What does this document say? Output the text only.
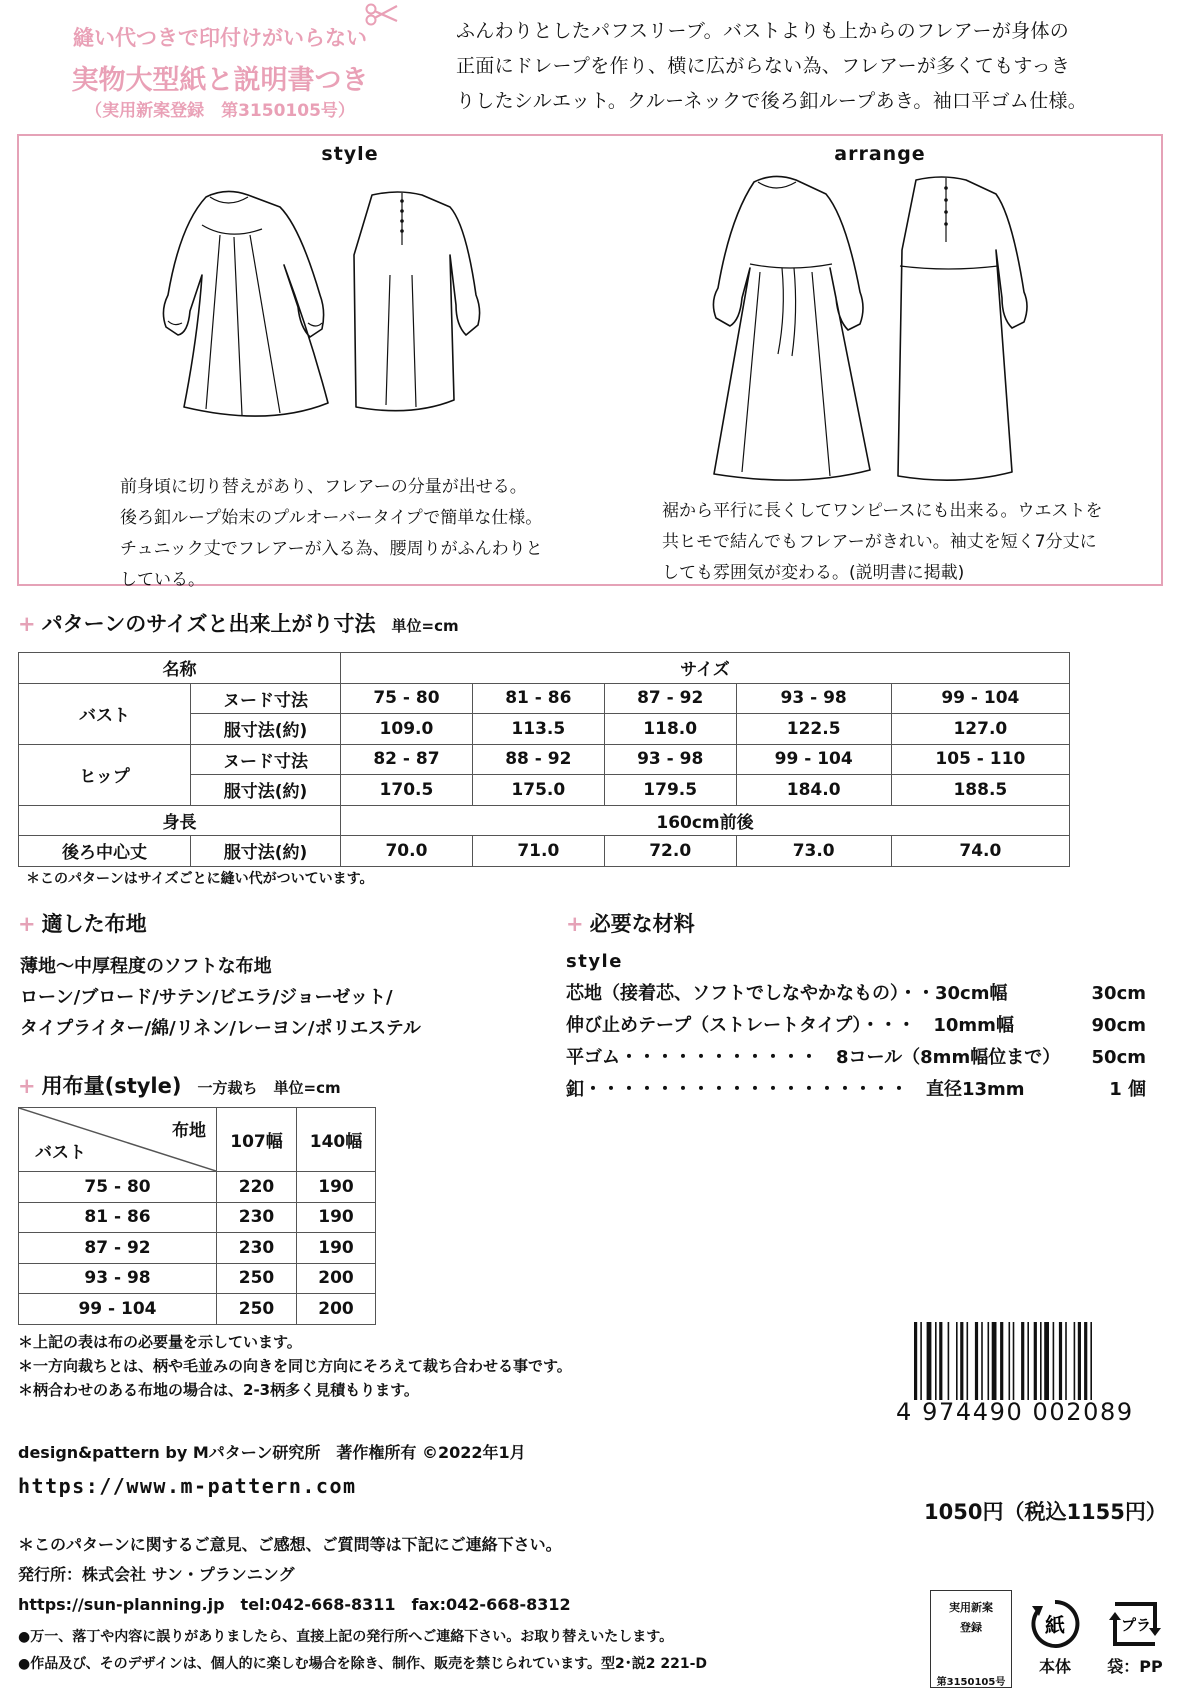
縫い代つきで印付けがいらない
実物大型紙と説明書つき
（実用新案登録　第3150105号）
ふんわりとしたパフスリーブ。バストよりも上からのフレアーが身体の
正面にドレープを作り、横に広がらない為、フレアーが多くてもすっき
りしたシルエット。クルーネックで後ろ釦ループあき。袖口平ゴム仕様。
style	arrange
前身頃に切り替えがあり、フレアーの分量が出せる。
後ろ釦ループ始末のプルオーバータイプで簡単な仕様。
チュニック丈でフレアーが入る為、腰周りがふんわりと
している。
裾から平行に長くしてワンピースにも出来る。ウエストを
共ヒモで結んでもフレアーがきれい。袖丈を短く7分丈に
しても雰囲気が変わる。(説明書に掲載)
+ パターンのサイズと出来上がり寸法 単位=cm
名称		サイズ				
バスト	ヌード寸法	75 - 80	81 - 86	87 - 92	93 - 98	99 - 104
	服寸法(約)	109.0	113.5	118.0	122.5	127.0
ヒップ	ヌード寸法	82 - 87	88 - 92	93 - 98	99 - 104	105 - 110
	服寸法(約)	170.5	175.0	179.5	184.0	188.5
身長		160cm前後				
後ろ中心丈	服寸法(約)	70.0	71.0	72.0	73.0	74.0
＊このパターンはサイズごとに縫い代がついています。
+ 適した布地
薄地〜中厚程度のソフトな布地
ローン/ブロード/サテン/ビエラ/ジョーゼット/
タイプライター/綿/リネン/レーヨン/ポリエステル
+ 必要な材料
style
芯地（接着芯、ソフトでしなやかなもの）・・30cm幅	30cm
伸び止めテープ（ストレートタイプ）・・・　10mm幅	90cm
平ゴム・・・・・・・・・・・　8コール（8mm幅位まで） 50cm
釦・・・・・・・・・・・・・・・・・・　直径13mm	1 個
+ 用布量(style) 一方裁ち 単位=cm
布地
バスト	107幅	140幅
75 - 80	220	190
81 - 86	230	190
87 - 92	230	190
93 - 98	250	200
99 - 104	250	200
＊上記の表は布の必要量を示しています。
＊一方向裁ちとは、柄や毛並みの向きを同じ方向にそろえて裁ち合わせる事です。
＊柄合わせのある布地の場合は、2-3柄多く見積もります。
design&pattern by Mパターン研究所　著作権所有 ©2022年1月
https://www.m-pattern.com
4 974490 002089
1050円（税込1155円）
＊このパターンに関するご意見、ご感想、ご質問等は下記にご連絡下さい。
発行所：株式会社 サン・プランニング
https://sun-planning.jp　tel:042-668-8311　fax:042-668-8312
●万一、落丁や内容に誤りがありましたら、直接上記の発行所へご連絡下さい。お取り替えいたします。
●作品及び、そのデザインは、個人的に楽しむ場合を除き、制作、販売を禁じられています。型2･説2 221-D
実用新案
登録
第3150105号
紙
本体
プラ
袋：PP
